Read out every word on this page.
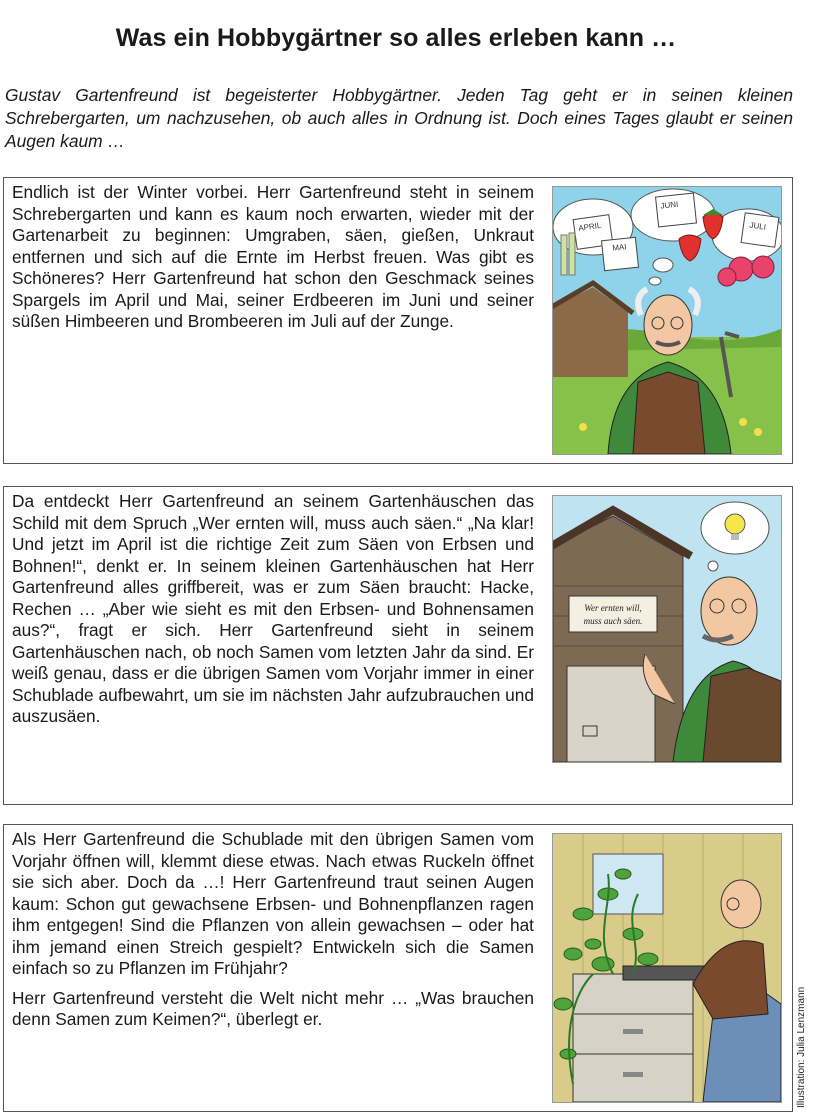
Was ein Hobbygärtner so alles erleben kann …
Gustav Gartenfreund ist begeisterter Hobbygärtner. Jeden Tag geht er in seinen kleinen Schrebergarten, um nachzusehen, ob auch alles in Ordnung ist. Doch eines Tages glaubt er seinen Augen kaum …

Endlich ist der Winter vorbei. Herr Gartenfreund steht in seinem Schrebergarten und kann es kaum noch erwarten, wieder mit der Gartenarbeit zu beginnen: Umgraben, säen, gießen, Unkraut entfernen und sich auf die Ernte im Herbst freuen. Was gibt es Schöneres? Herr Gartenfreund hat schon den Geschmack seines Spargels im April und Mai, seiner Erdbeeren im Juni und seiner süßen Himbeeren und Brombeeren im Juli auf der Zunge.

APRIL
MAI
JUNI
JULI

Da entdeckt Herr Gartenfreund an seinem Gartenhäuschen das Schild mit dem Spruch „Wer ernten will, muss auch säen.“ „Na klar! Und jetzt im April ist die richtige Zeit zum Säen von Erbsen und Bohnen!“, denkt er. In seinem kleinen Gartenhäuschen hat Herr Gartenfreund alles griffbereit, was er zum Säen braucht: Hacke, Rechen … „Aber wie sieht es mit den Erbsen- und Bohnensamen aus?“, fragt er sich. Herr Gartenfreund sieht in seinem Gartenhäuschen nach, ob noch Samen vom letzten Jahr da sind. Er weiß genau, dass er die übrigen Samen vom Vorjahr immer in einer Schublade aufbewahrt, um sie im nächsten Jahr aufzubrauchen und auszusäen.

Wer ernten will,
muss auch säen.

Als Herr Gartenfreund die Schublade mit den übrigen Samen vom Vorjahr öffnen will, klemmt diese etwas. Nach etwas Ruckeln öffnet sie sich aber. Doch da …! Herr Gartenfreund traut seinen Augen kaum: Schon gut gewachsene Erbsen- und Bohnenpflanzen ragen ihm entgegen! Sind die Pflanzen von allein gewachsen – oder hat ihm jemand einen Streich gespielt? Entwickeln sich die Samen einfach so zu Pflanzen im Frühjahr?

Herr Gartenfreund versteht die Welt nicht mehr … „Was brauchen denn Samen zum Keimen?“, überlegt er.	Illustration: Julia Lenzmann
